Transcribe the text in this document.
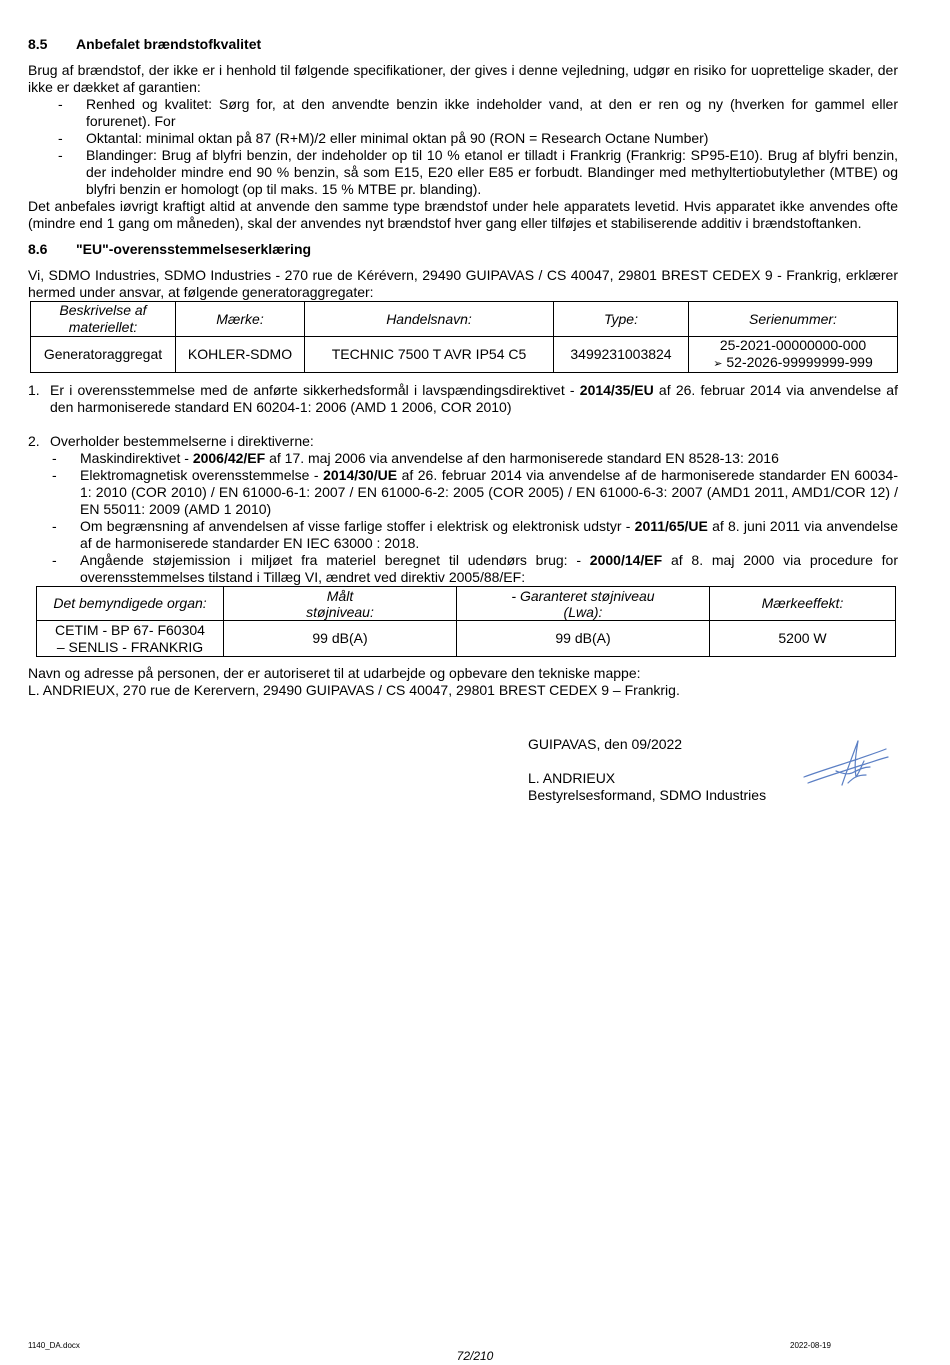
8.5	Anbefalet brændstofkvalitet

Brug af brændstof, der ikke er i henhold til følgende specifikationer, der gives i denne vejledning, udgør en risiko for uoprettelige skader, der ikke er dækket af garantien:

- Renhed og kvalitet: Sørg for, at den anvendte benzin ikke indeholder vand, at den er ren og ny (hverken for gammel eller forurenet). For
- Oktantal: minimal oktan på 87 (R+M)/2 eller minimal oktan på 90 (RON = Research Octane Number)
- Blandinger: Brug af blyfri benzin, der indeholder op til 10 % etanol er tilladt i Frankrig (Frankrig: SP95-E10). Brug af blyfri benzin, der indeholder mindre end 90 % benzin, så som E15, E20 eller E85 er forbudt. Blandinger med methyltertiobutylether (MTBE) og blyfri benzin er homologt (op til maks. 15 % MTBE pr. blanding).

Det anbefales iøvrigt kraftigt altid at anvende den samme type brændstof under hele apparatets levetid. Hvis apparatet ikke anvendes ofte (mindre end 1 gang om måneden), skal der anvendes nyt brændstof hver gang eller tilføjes et stabiliserende additiv i brændstoftanken.

8.6	"EU"-overensstemmelseserklæring

Vi, SDMO Industries, SDMO Industries - 270 rue de Kérévern, 29490 GUIPAVAS / CS 40047, 29801 BREST CEDEX 9 - Frankrig, erklærer hermed under ansvar, at følgende generatoraggregater:

Beskrivelse af materiellet:	Mærke:	Handelsnavn:	Type:	Serienummer:
Generatoraggregat	KOHLER-SDMO	TECHNIC 7500 T AVR IP54 C5	3499231003824	25-2021-00000000-000
➢ 52-2026-99999999-999
1. Er i overensstemmelse med de anførte sikkerhedsformål i lavspændingsdirektivet - 2014/35/EU af 26. februar 2014 via anvendelse af den harmoniserede standard EN 60204-1: 2006 (AMD 1 2006, COR 2010)
2. Overholder bestemmelserne i direktiverne:
- Maskindirektivet - 2006/42/EF af 17. maj 2006 via anvendelse af den harmoniserede standard EN 8528-13: 2016
- Elektromagnetisk overensstemmelse - 2014/30/UE af 26. februar 2014 via anvendelse af de harmoniserede standarder EN 60034-1: 2010 (COR 2010) / EN 61000-6-1: 2007 / EN 61000-6-2: 2005 (COR 2005) / EN 61000-6-3: 2007 (AMD1 2011, AMD1/COR 12) / EN 55011: 2009 (AMD 1 2010)
- Om begrænsning af anvendelsen af visse farlige stoffer i elektrisk og elektronisk udstyr - 2011/65/UE af 8. juni 2011 via anvendelse af de harmoniserede standarder EN IEC 63000 : 2018.
- Angående støjemission i miljøet fra materiel beregnet til udendørs brug: - 2000/14/EF af 8. maj 2000 via procedure for overensstemmelses tilstand i Tillæg VI, ændret ved direktiv 2005/88/EF:
Det bemyndigede organ:	Målt støjniveau:	- Garanteret støjniveau (Lwa):	Mærkeeffekt:

CETIM - BP 67- F60304
– SENLIS - FRANKRIG	99 dB(A)	99 dB(A)	5200 W

Navn og adresse på personen, der er autoriseret til at udarbejde og opbevare den tekniske mappe:

L. ANDRIEUX, 270 rue de Kerervern, 29490 GUIPAVAS / CS 40047, 29801 BREST CEDEX 9 – Frankrig.

GUIPAVAS, den 09/2022
L. ANDRIEUX
Bestyrelsesformand, SDMO Industries
1140_DA.docx	2022-08-19
72/210
